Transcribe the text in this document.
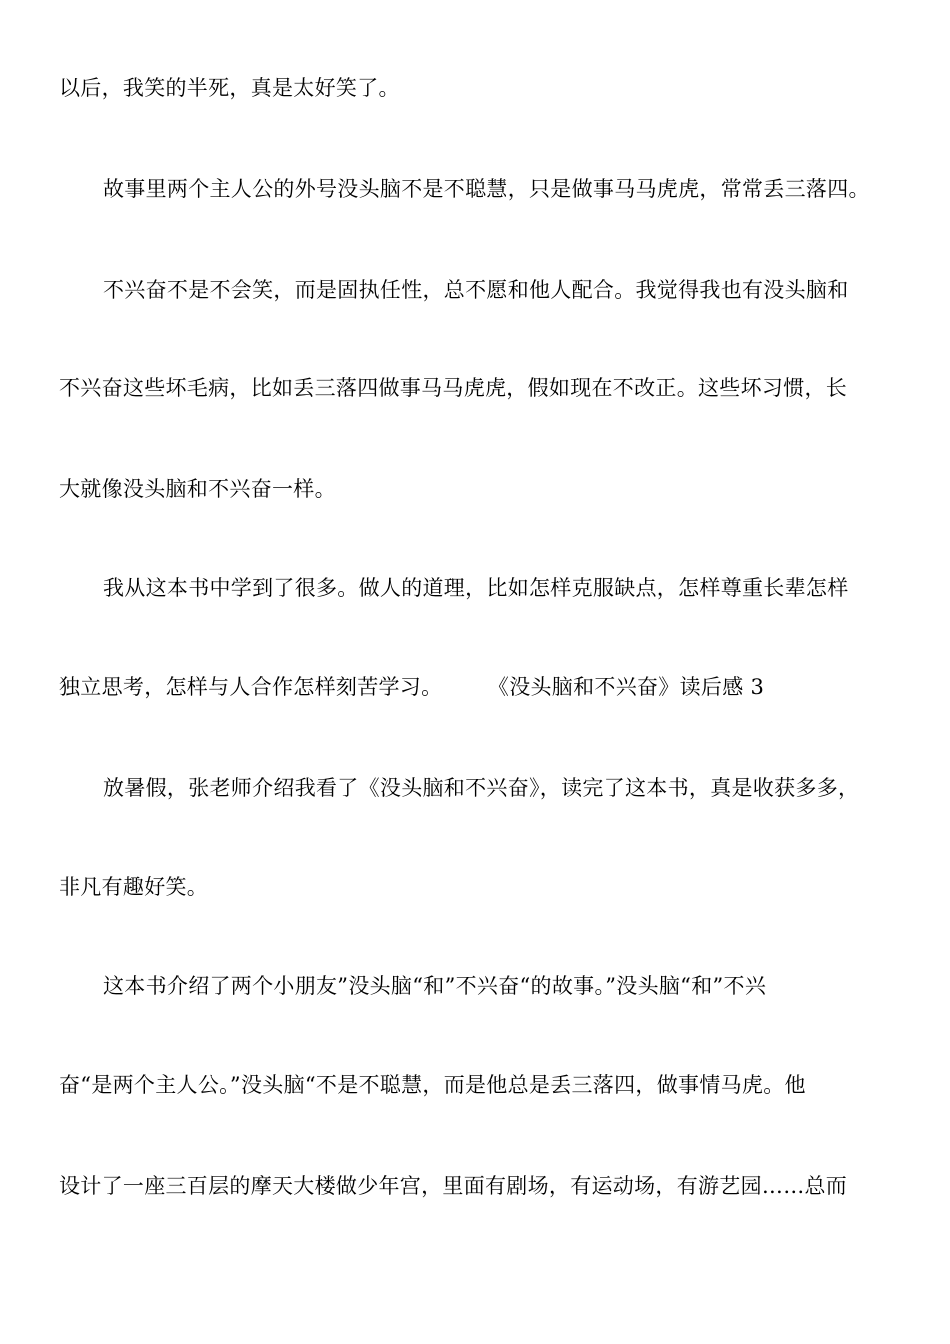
以后，我笑的半死，真是太好笑了。
故事里两个主人公的外号没头脑不是不聪慧，只是做事马马虎虎，常常丢三落四。
不兴奋不是不会笑，而是固执任性，总不愿和他人配合。我觉得我也有没头脑和
不兴奋这些坏毛病，比如丢三落四做事马马虎虎，假如现在不改正。这些坏习惯，长
大就像没头脑和不兴奋一样。
我从这本书中学到了很多。做人的道理，比如怎样克服缺点，怎样尊重长辈怎样
独立思考，怎样与人合作怎样刻苦学习。	《没头脑和不兴奋》读后感 3
放暑假，张老师介绍我看了《没头脑和不兴奋》，读完了这本书，真是收获多多，
非凡有趣好笑。
这本书介绍了两个小朋友”没头脑“和”不兴奋“的故事。”没头脑“和”不兴
奋“是两个主人公。”没头脑“不是不聪慧，而是他总是丢三落四，做事情马虎。他
设计了一座三百层的摩天大楼做少年宫，里面有剧场，有运动场，有游艺园……总而
